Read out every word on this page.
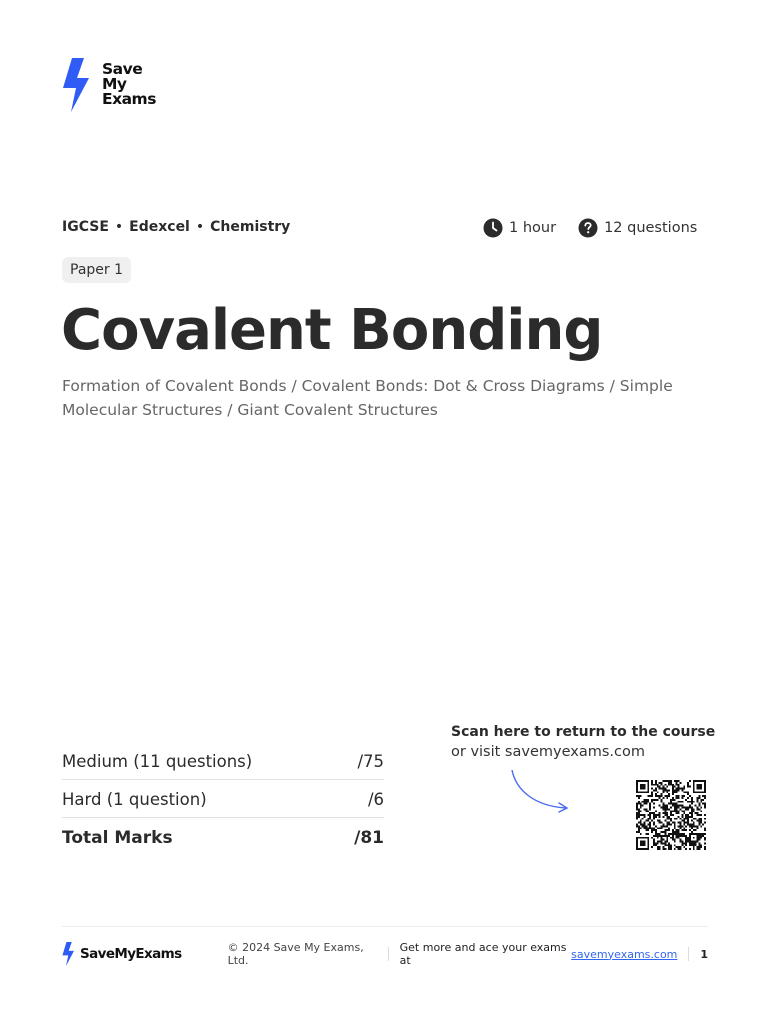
Save
My
Exams
IGCSE • Edexcel • Chemistry	1 hour	12 questions
Paper 1
Covalent Bonding
Formation of Covalent Bonds / Covalent Bonds: Dot & Cross Diagrams / Simple Molecular Structures / Giant Covalent Structures
Medium (11 questions)	/75
Hard (1 question)	/6
Total Marks	/81
Scan here to return to the course
or visit savemyexams.com
SaveMyExams	© 2024 Save My Exams, Ltd.
Get more and ace your exams at	savemyexams.com 1
